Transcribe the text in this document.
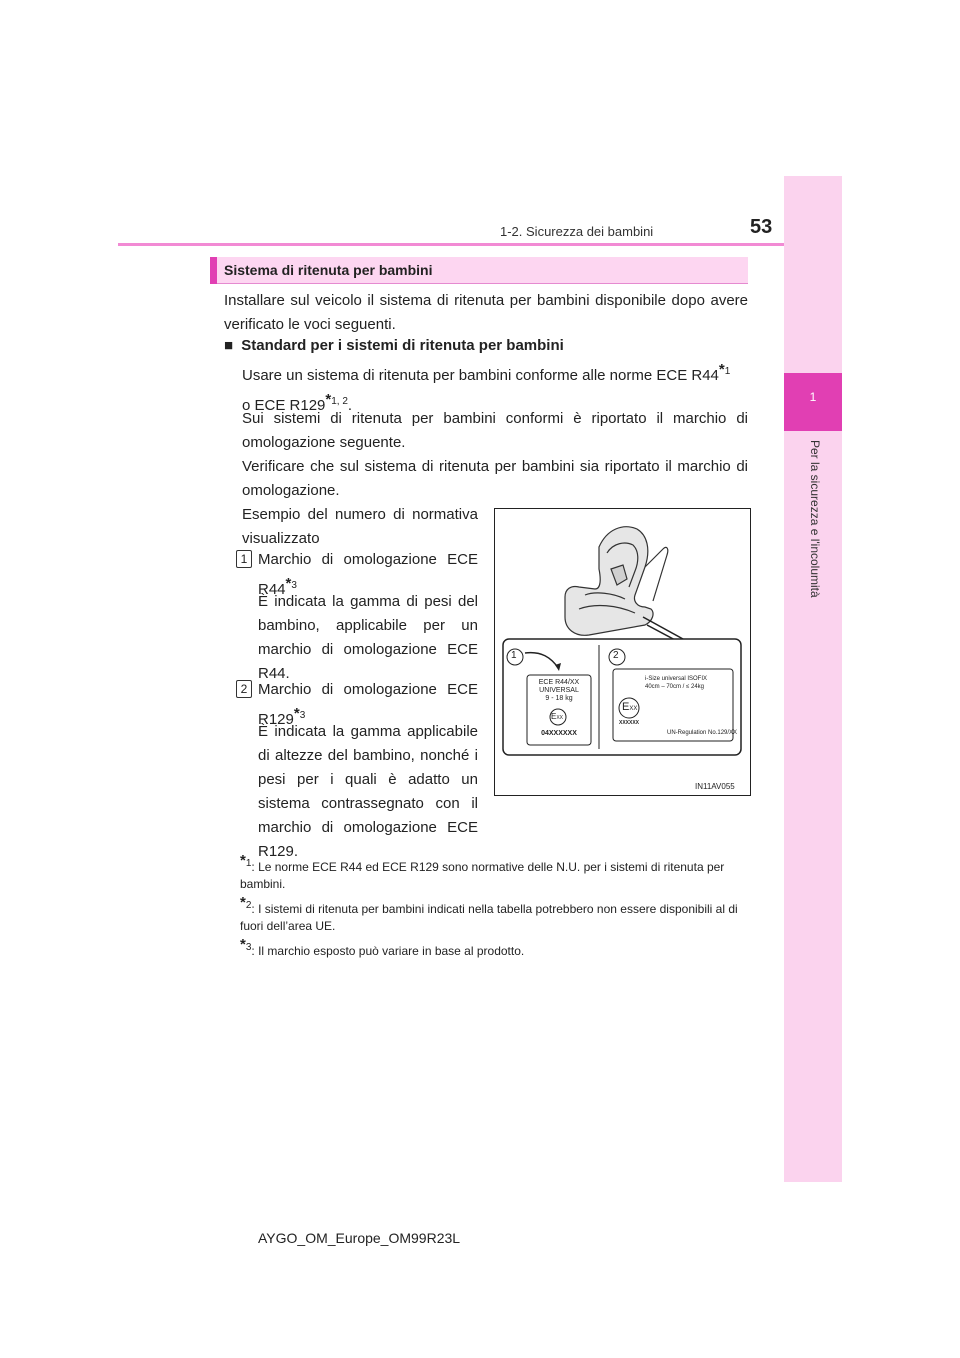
1
Per la sicurezza e l'incolumità
1-2. Sicurezza dei bambini	53
Sistema di ritenuta per bambini
Installare sul veicolo il sistema di ritenuta per bambini disponibile dopo avere verificato le voci seguenti.
■ Standard per i sistemi di ritenuta per bambini
Usare un sistema di ritenuta per bambini conforme alle norme ECE R44*$^1$
o ECE R129*$^{1, 2}$.
Sui sistemi di ritenuta per bambini conformi è riportato il marchio di omologazione seguente.
Verificare che sul sistema di ritenuta per bambini sia riportato il marchio di omologazione.
Esempio del numero di normativa visualizzato
1 Marchio di omologazione ECE R44*$^3$
È indicata la gamma di pesi del bambino, applicabile per un marchio di omologazione ECE R44.
2 Marchio di omologazione ECE R129*$^3$
È indicata la gamma applicabile di altezze del bambino, nonché i pesi per i quali è adatto un sistema contrassegnato con il marchio di omologazione ECE R129.
1	2
ECE R44/XX
UNIVERSAL
9 - 18 kg
EXX
04XXXXXX
i-Size universal ISOFIX
40cm – 70cm / ≤ 24kg
EXX
XXXXXX
UN-Regulation No.129/XX
IN11AV055
*$^1$: Le norme ECE R44 ed ECE R129 sono normative delle N.U. per i sistemi di ritenuta per bambini.
*$^2$: I sistemi di ritenuta per bambini indicati nella tabella potrebbero non essere disponibili al di fuori dell’area UE.
*$^3$: Il marchio esposto può variare in base al prodotto.
AYGO_OM_Europe_OM99R23L
